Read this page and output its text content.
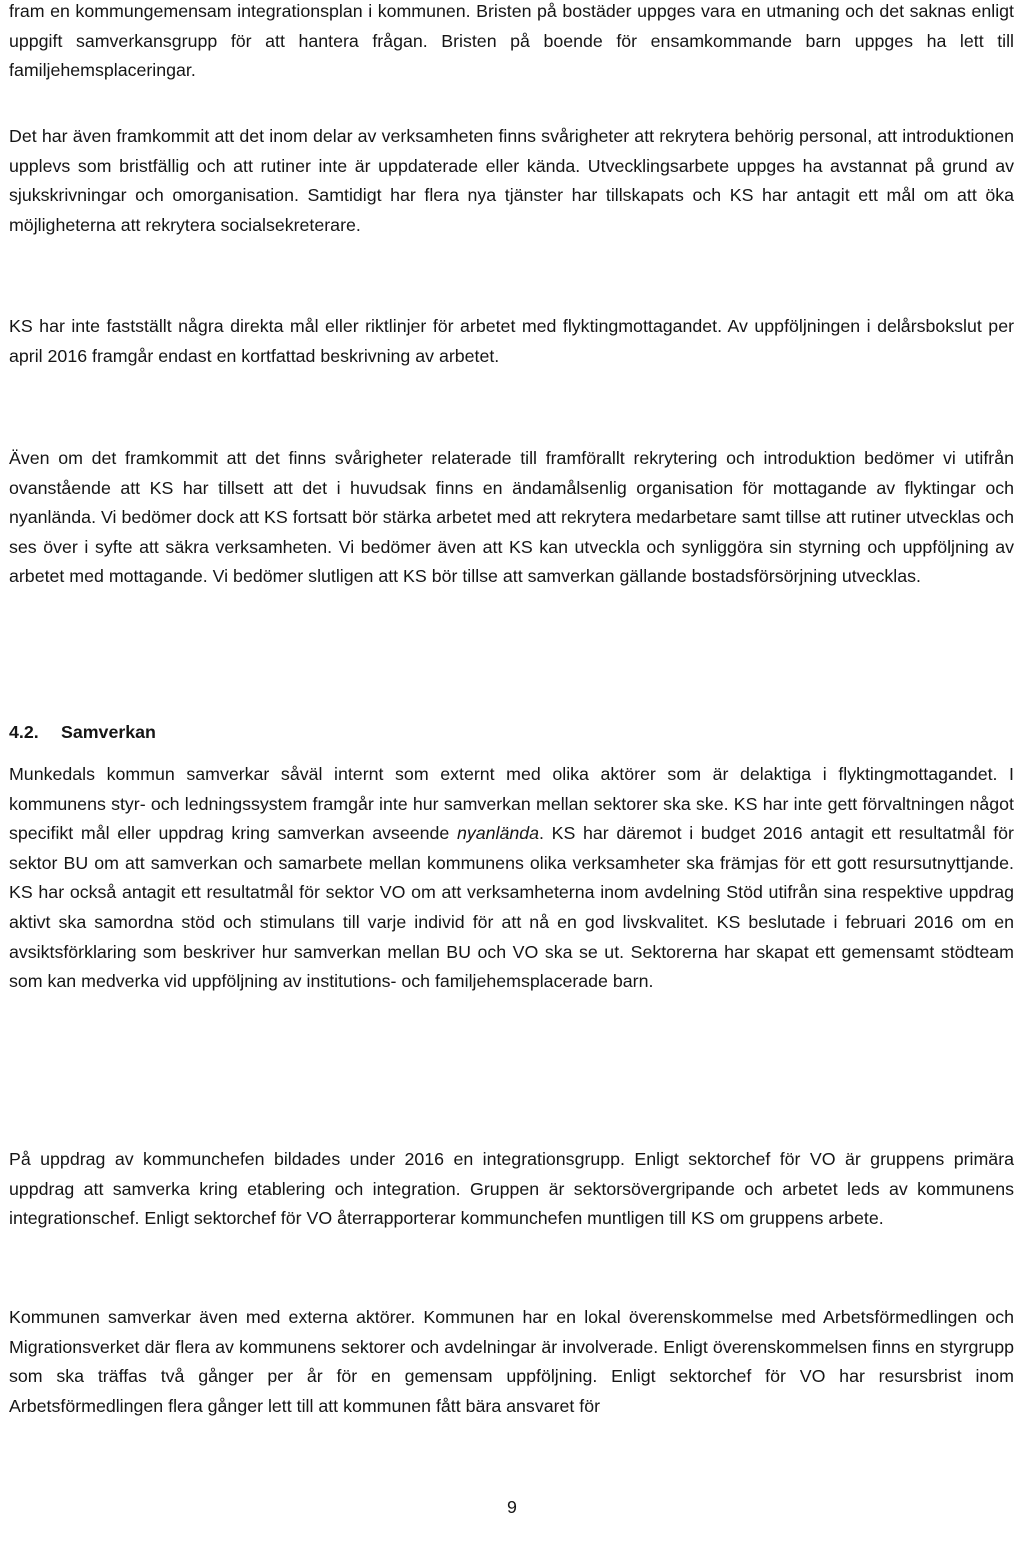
fram en kommungemensam integrationsplan i kommunen. Bristen på bostäder uppges vara en utmaning och det saknas enligt uppgift samverkansgrupp för att hantera frågan. Bristen på boende för ensamkommande barn uppges ha lett till familjehemsplaceringar.

Det har även framkommit att det inom delar av verksamheten finns svårigheter att rekrytera behörig personal, att introduktionen upplevs som bristfällig och att rutiner inte är uppdaterade eller kända. Utvecklingsarbete uppges ha avstannat på grund av sjukskrivningar och omorganisation. Samtidigt har flera nya tjänster har tillskapats och KS har antagit ett mål om att öka möjligheterna att rekrytera socialsekreterare.

KS har inte fastställt några direkta mål eller riktlinjer för arbetet med flyktingmottagandet. Av uppföljningen i delårsbokslut per april 2016 framgår endast en kortfattad beskrivning av arbetet.

Även om det framkommit att det finns svårigheter relaterade till framförallt rekrytering och introduktion bedömer vi utifrån ovanstående att KS har tillsett att det i huvudsak finns en ändamålsenlig organisation för mottagande av flyktingar och nyanlända. Vi bedömer dock att KS fortsatt bör stärka arbetet med att rekrytera medarbetare samt tillse att rutiner utvecklas och ses över i syfte att säkra verksamheten. Vi bedömer även att KS kan utveckla och synliggöra sin styrning och uppföljning av arbetet med mottagande. Vi bedömer slutligen att KS bör tillse att samverkan gällande bostadsförsörjning utvecklas.

4.2. Samverkan

Munkedals kommun samverkar såväl internt som externt med olika aktörer som är delaktiga i flyktingmottagandet. I kommunens styr- och ledningssystem framgår inte hur samverkan mellan sektorer ska ske. KS har inte gett förvaltningen något specifikt mål eller uppdrag kring samverkan avseende nyanlända. KS har däremot i budget 2016 antagit ett resultatmål för sektor BU om att samverkan och samarbete mellan kommunens olika verksamheter ska främjas för ett gott resursutnyttjande. KS har också antagit ett resultatmål för sektor VO om att verksamheterna inom avdelning Stöd utifrån sina respektive uppdrag aktivt ska samordna stöd och stimulans till varje individ för att nå en god livskvalitet. KS beslutade i februari 2016 om en avsiktsförklaring som beskriver hur samverkan mellan BU och VO ska se ut. Sektorerna har skapat ett gemensamt stödteam som kan medverka vid uppföljning av institutions- och familjehemsplacerade barn.

På uppdrag av kommunchefen bildades under 2016 en integrationsgrupp. Enligt sektorchef för VO är gruppens primära uppdrag att samverka kring etablering och integration. Gruppen är sektorsövergripande och arbetet leds av kommunens integrationschef. Enligt sektorchef för VO återrapporterar kommunchefen muntligen till KS om gruppens arbete.

Kommunen samverkar även med externa aktörer. Kommunen har en lokal överenskommelse med Arbetsförmedlingen och Migrationsverket där flera av kommunens sektorer och avdelningar är involverade. Enligt överenskommelsen finns en styrgrupp som ska träffas två gånger per år för en gemensam uppföljning. Enligt sektorchef för VO har resursbrist inom Arbetsförmedlingen flera gånger lett till att kommunen fått bära ansvaret för

9
